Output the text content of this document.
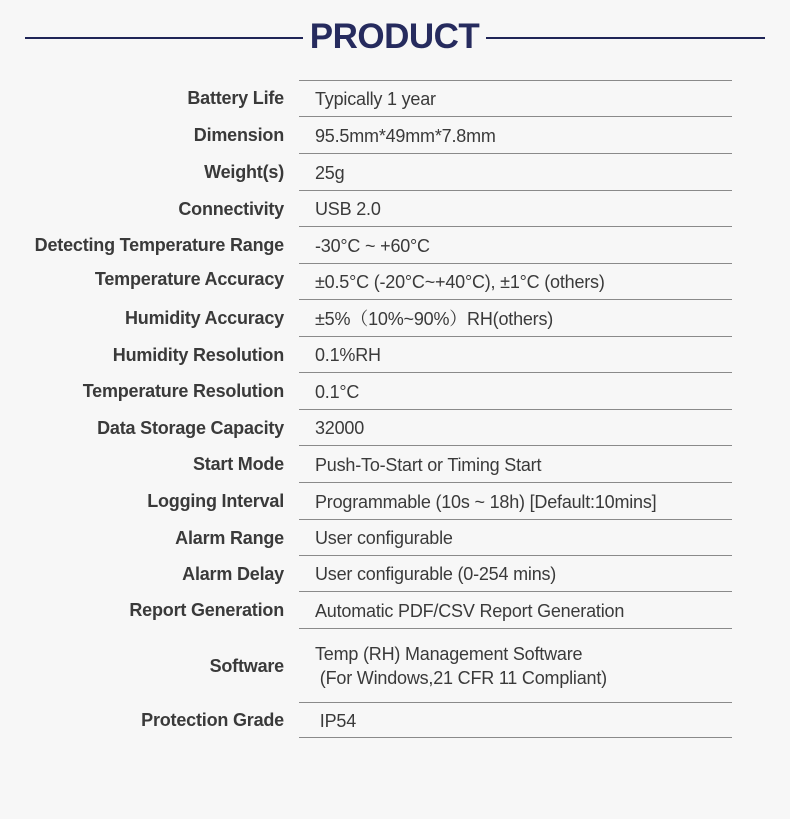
PRODUCT
Battery Life Typically 1 year
Dimension 95.5mm*49mm*7.8mm
Weight(s) 25g
Connectivity USB 2.0
Detecting Temperature Range -30°C ~ +60°C
Temperature Accuracy ±0.5°C (-20°C~+40°C), ±1°C (others)
Humidity Accuracy ±5%（10%~90%）RH(others)
Humidity Resolution 0.1%RH
Temperature Resolution 0.1°C
Data Storage Capacity 32000
Start Mode Push-To-Start or Timing Start
Logging Interval Programmable (10s ~ 18h) [Default:10mins]
Alarm Range User configurable
Alarm Delay User configurable (0-254 mins)
Report Generation Automatic PDF/CSV Report Generation
Software
Temp (RH) Management Software
(For Windows,21 CFR 11 Compliant)
Protection Grade IP54
